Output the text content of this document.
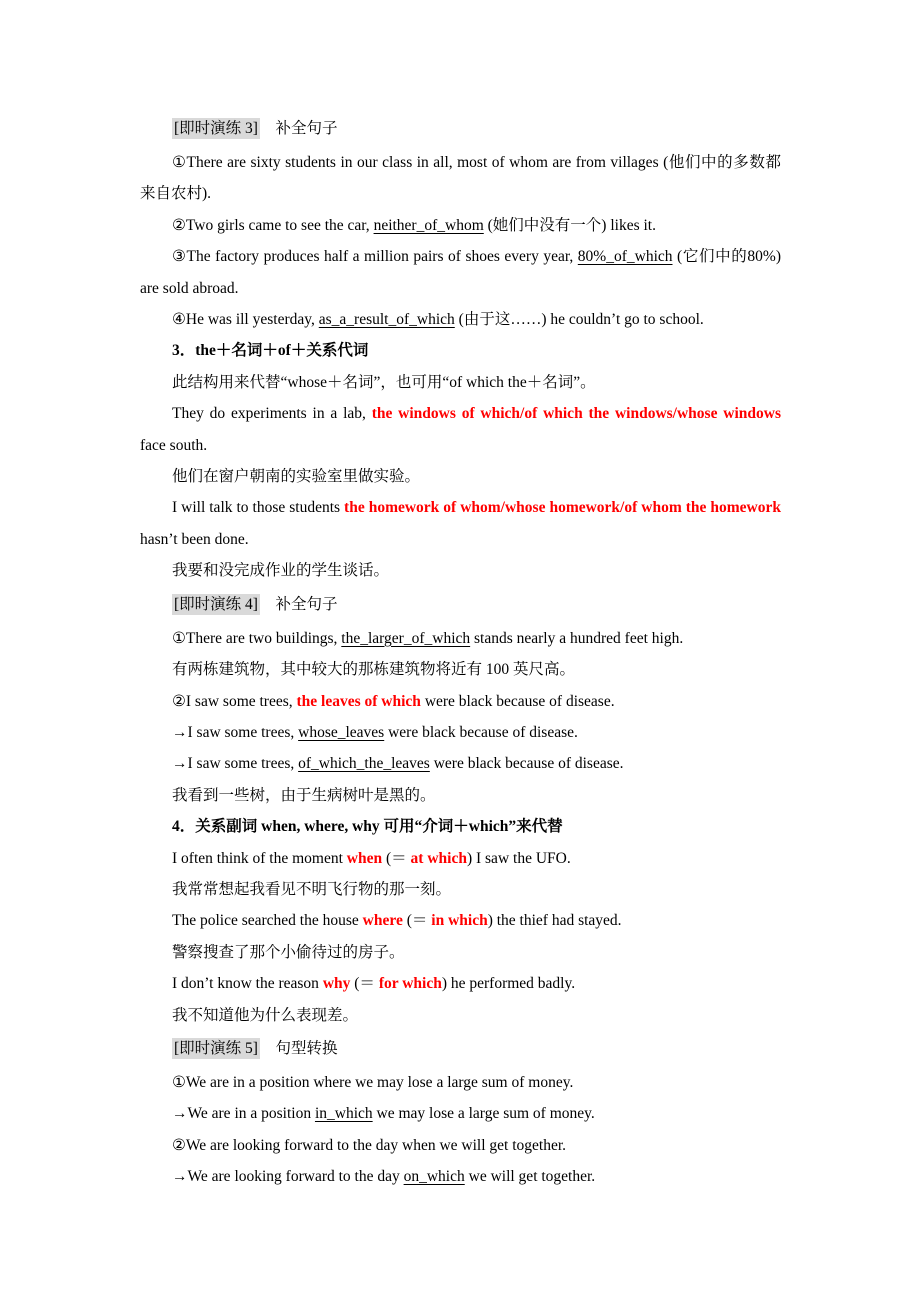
[即时演练 3]　补全句子

①There are sixty students in our class in all, most of whom are from villages (他们中的多数都来自农村).

②Two girls came to see the car, neither_of_whom (她们中没有一个) likes it.

③The factory produces half a million pairs of shoes every year, 80%_of_which (它们中的80%) are sold abroad.

④He was ill yesterday, as_a_result_of_which (由于这……) he couldn’t go to school.

3．the＋名词＋of＋关系代词

此结构用来代替“whose＋名词”，也可用“of which the＋名词”。

They do experiments in a lab, the windows of which/of which the windows/whose windows face south.

他们在窗户朝南的实验室里做实验。

I will talk to those students the homework of whom/whose homework/of whom the homework hasn’t been done.

我要和没完成作业的学生谈话。

[即时演练 4]　补全句子

①There are two buildings, the_larger_of_which stands nearly a hundred feet high.

有两栋建筑物，其中较大的那栋建筑物将近有 100 英尺高。

②I saw some trees, the leaves of which were black because of disease.

→I saw some trees, whose_leaves were black because of disease.

→I saw some trees, of_which_the_leaves were black because of disease.

我看到一些树，由于生病树叶是黑的。

4．关系副词 when, where, why 可用“介词＋which”来代替

I often think of the moment when (＝ at which) I saw the UFO.

我常常想起我看见不明飞行物的那一刻。

The police searched the house where (＝ in which) the thief had stayed.

警察搜查了那个小偷待过的房子。

I don’t know the reason why (＝ for which) he performed badly.

我不知道他为什么表现差。

[即时演练 5]　句型转换

①We are in a position where we may lose a large sum of money.

→We are in a position in_which we may lose a large sum of money.

②We are looking forward to the day when we will get together.

→We are looking forward to the day on_which we will get together.
